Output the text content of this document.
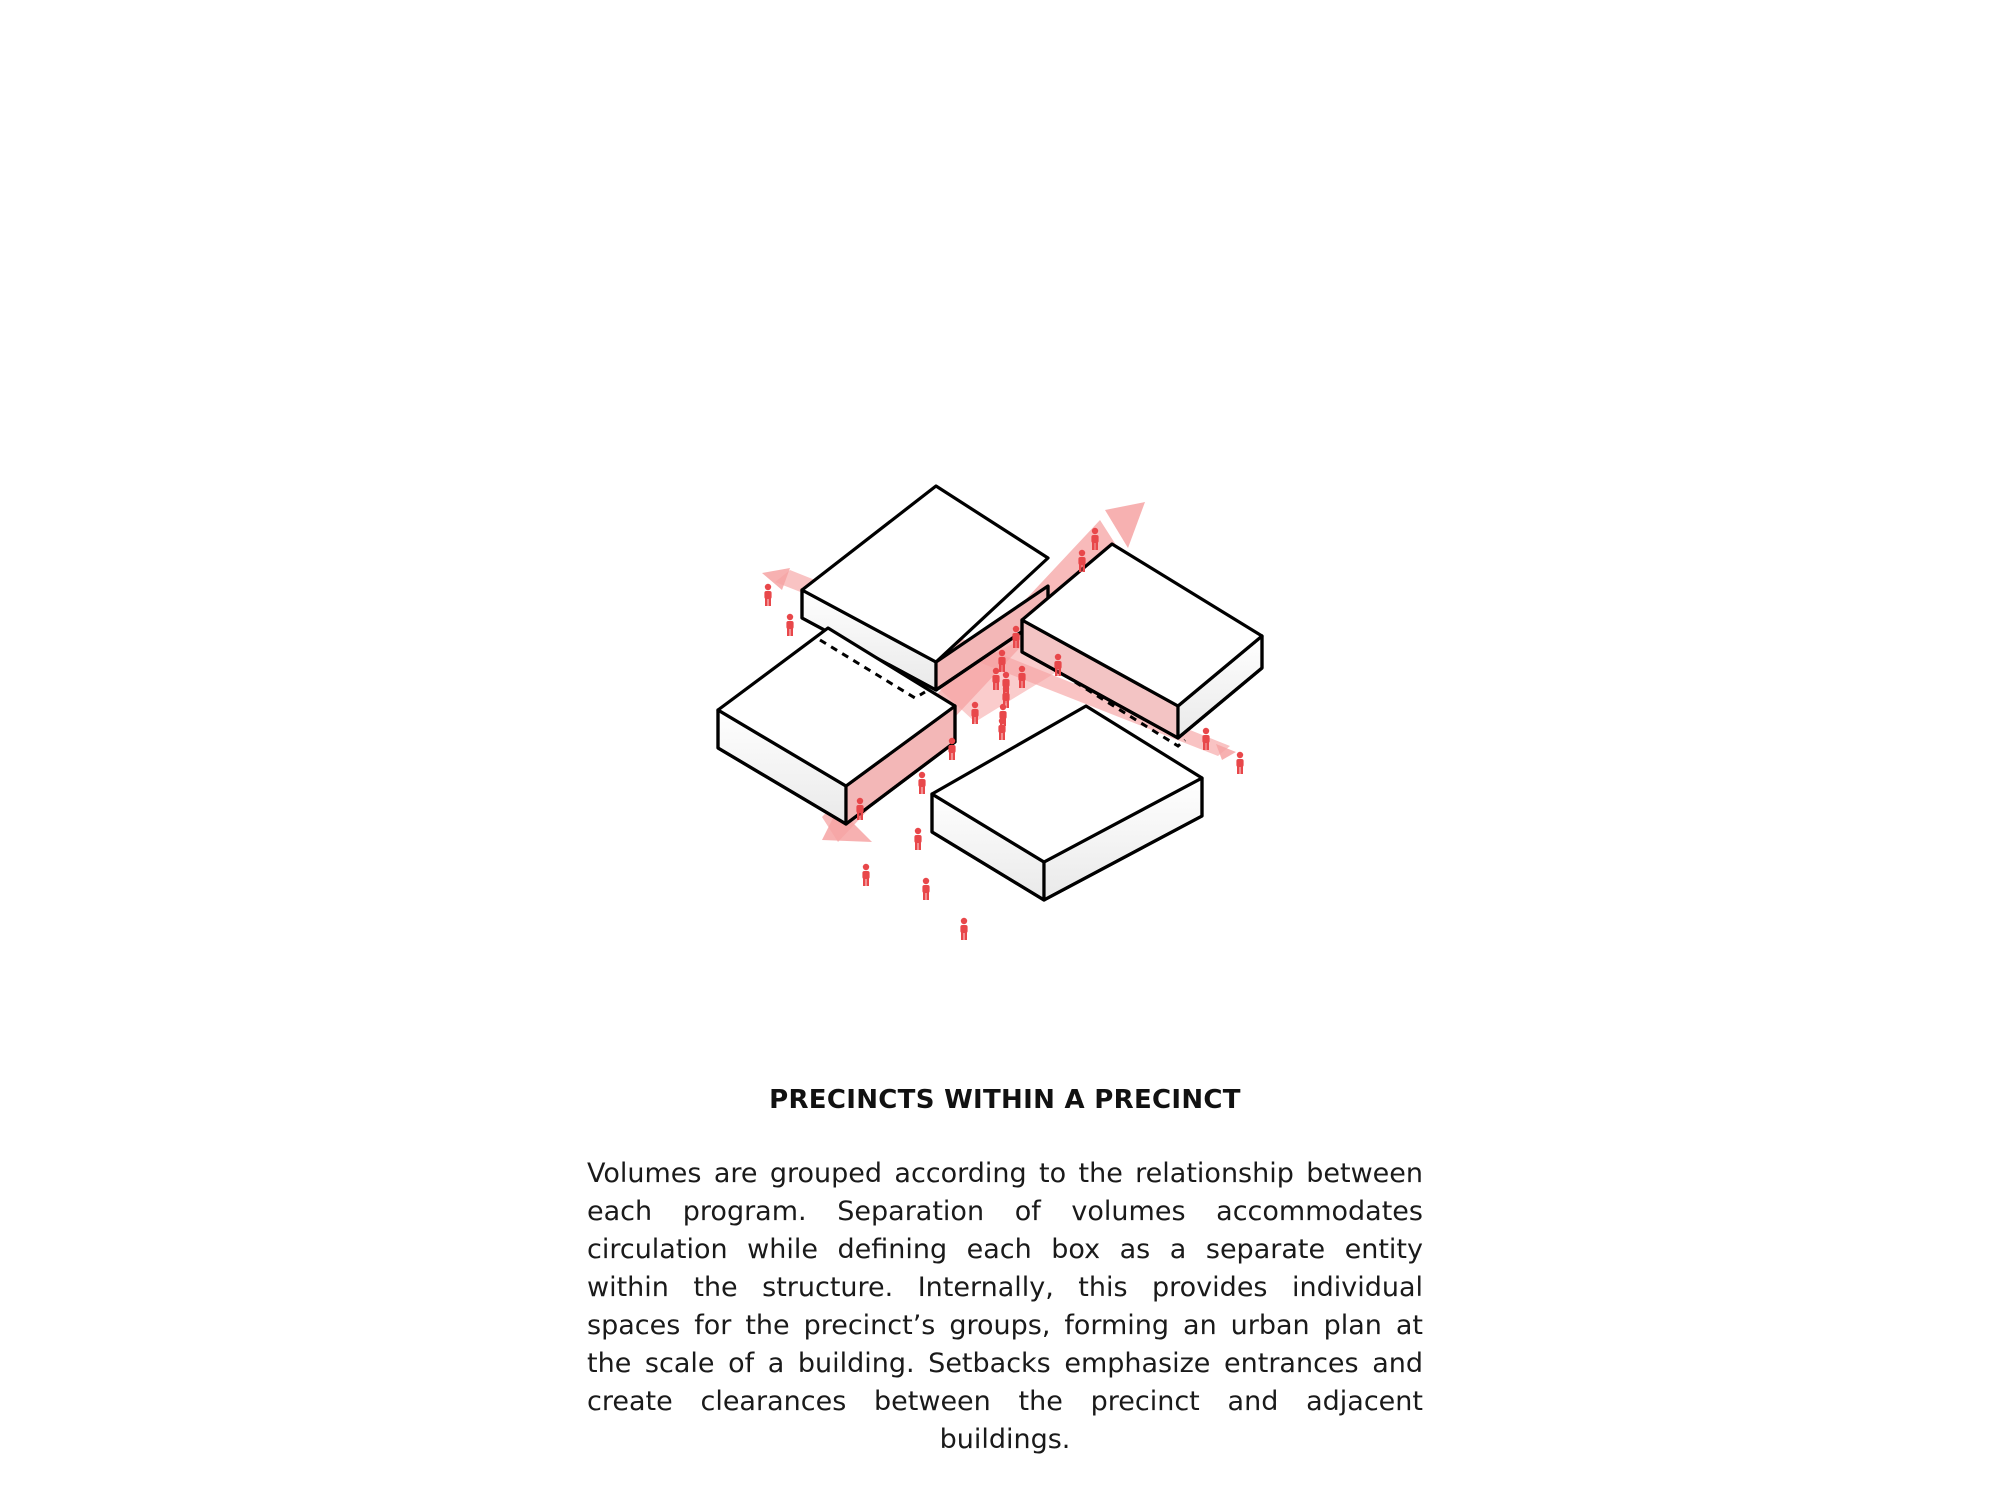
PRECINCTS WITHIN A PRECINCT

Volumes are grouped according to the relationship between each program. Separation of volumes accommodates circulation while defining each box as a separate entity within the structure. Internally, this provides individual spaces for the precinct’s groups, forming an urban plan at the scale of a building. Setbacks emphasize entrances and create clearances between the precinct and adjacent buildings.
